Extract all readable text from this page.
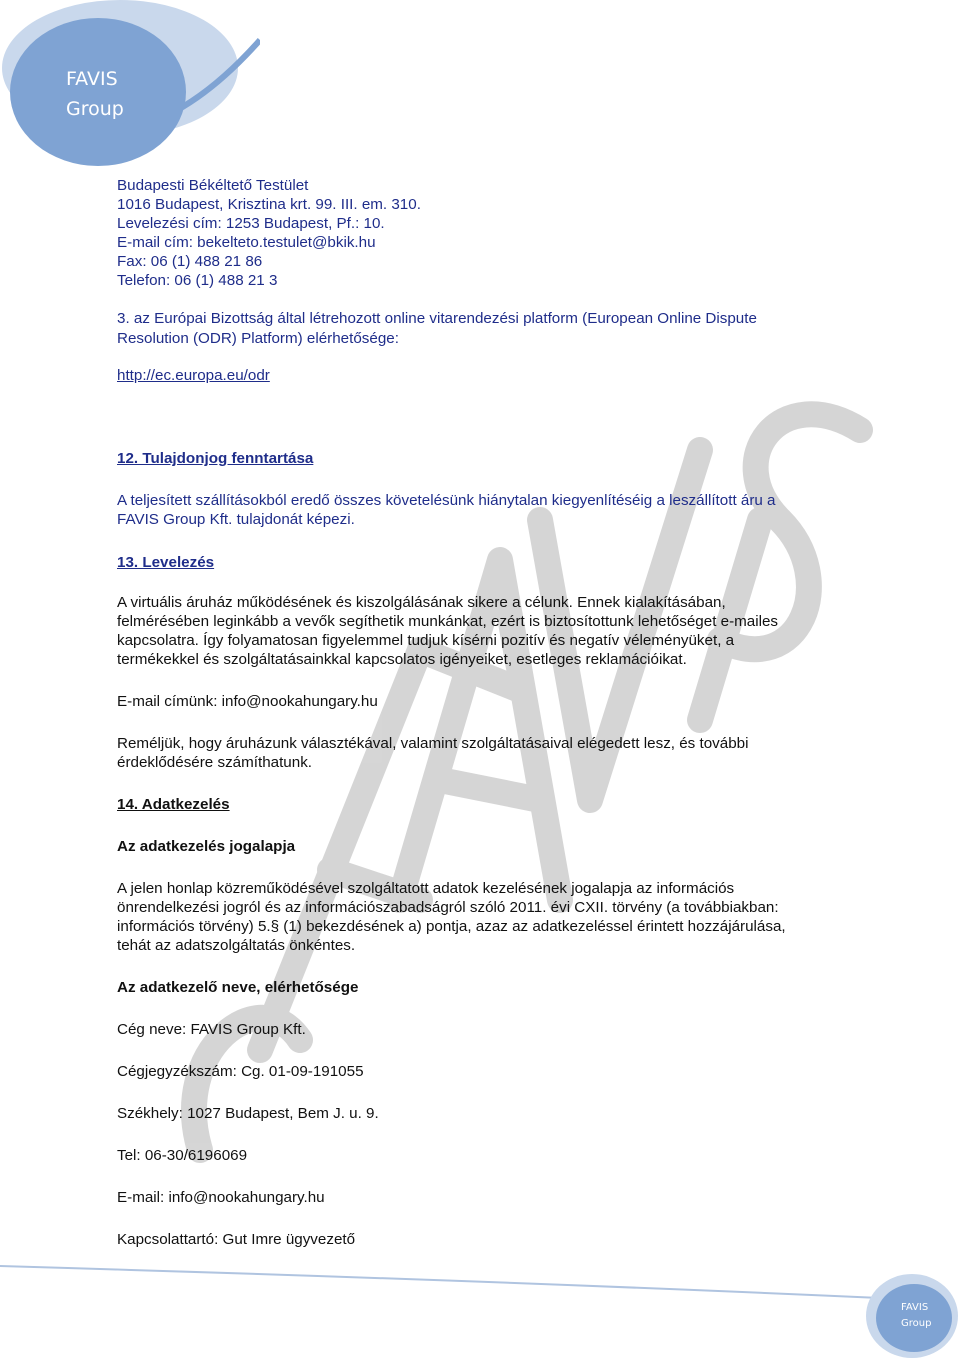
FAVIS
Group
Budapesti Békéltető Testület
1016 Budapest, Krisztina krt. 99. III. em. 310.
Levelezési cím: 1253 Budapest, Pf.: 10.
E-mail cím: bekelteto.testulet@bkik.hu
Fax: 06 (1) 488 21 86
Telefon: 06 (1) 488 21 3
3. az Európai Bizottság által létrehozott online vitarendezési platform (European Online Dispute
Resolution (ODR) Platform) elérhetősége:
http://ec.europa.eu/odr
12. Tulajdonjog fenntartása
A teljesített szállításokból eredő összes követelésünk hiánytalan kiegyenlítéséig a leszállított áru a
FAVIS Group Kft. tulajdonát képezi.
13. Levelezés
A virtuális áruház működésének és kiszolgálásának sikere a célunk. Ennek kialakításában,
felmérésében leginkább a vevők segíthetik munkánkat, ezért is biztosítottunk lehetőséget e-mailes
kapcsolatra. Így folyamatosan figyelemmel tudjuk kísérni pozitív és negatív véleményüket, a
termékekkel és szolgáltatásainkkal kapcsolatos igényeiket, esetleges reklamációikat.
E-mail címünk: info@nookahungary.hu
Reméljük, hogy áruházunk választékával, valamint szolgáltatásaival elégedett lesz, és további
érdeklődésére számíthatunk.
14. Adatkezelés
Az adatkezelés jogalapja
A jelen honlap közreműködésével szolgáltatott adatok kezelésének jogalapja az információs
önrendelkezési jogról és az információszabadságról szóló 2011. évi CXII. törvény (a továbbiakban:
információs törvény) 5.§ (1) bekezdésének a) pontja, azaz az adatkezeléssel érintett hozzájárulása,
tehát az adatszolgáltatás önkéntes.
Az adatkezelő neve, elérhetősége
Cég neve: FAVIS Group Kft.
Cégjegyzékszám: Cg. 01-09-191055
Székhely: 1027 Budapest, Bem J. u. 9.
Tel: 06-30/6196069
E-mail: info@nookahungary.hu
Kapcsolattartó: Gut Imre ügyvezető
FAVIS
Group
